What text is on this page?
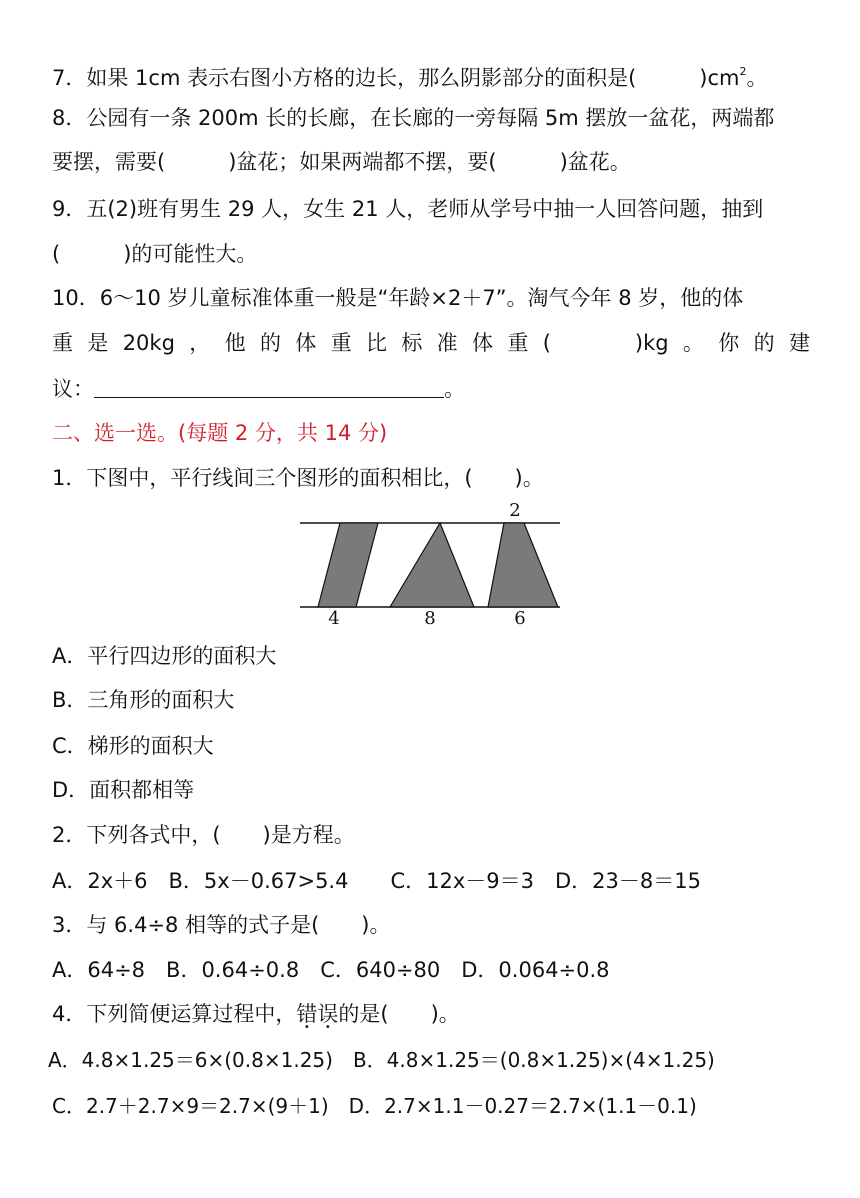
7．如果 1cm 表示右图小方格的边长，那么阴影部分的面积是(　　　)$cm^2$。
8．公园有一条 200m 长的长廊，在长廊的一旁每隔 5m 摆放一盆花，两端都
要摆，需要(　　　)盆花；如果两端都不摆，要(　　　)盆花。
9．五(2)班有男生 29 人，女生 21 人，老师从学号中抽一人回答问题，抽到
(　　　)的可能性大。
10．6～10 岁儿童标准体重一般是“年龄×2＋7”。淘气今年 8 岁，他的体
重 是 20kg ， 他 的 体 重 比 标 准 体 重 (　　　　)kg 。 你 的 建
议：	。
二、选一选。(每题 2 分，共 14 分)
1．下图中，平行线间三个图形的面积相比，(　　)。
2
4	8	6
A．平行四边形的面积大
B．三角形的面积大
C．梯形的面积大
D．面积都相等
2．下列各式中，(　　)是方程。
A．2x＋6　B．5x－0.67>5.4　　C．12x－9＝3　D．23－8＝15
3．与 6.4÷8 相等的式子是(　　)。
A．64÷8　B．0.64÷0.8　C．640÷80　D．0.064÷0.8
4．下列简便运算过程中，错误的是(　　)。
A．4.8×1.25＝6×(0.8×1.25)　B．4.8×1.25＝(0.8×1.25)×(4×1.25)
C．2.7＋2.7×9＝2.7×(9＋1)　D．2.7×1.1－0.27＝2.7×(1.1－0.1)
